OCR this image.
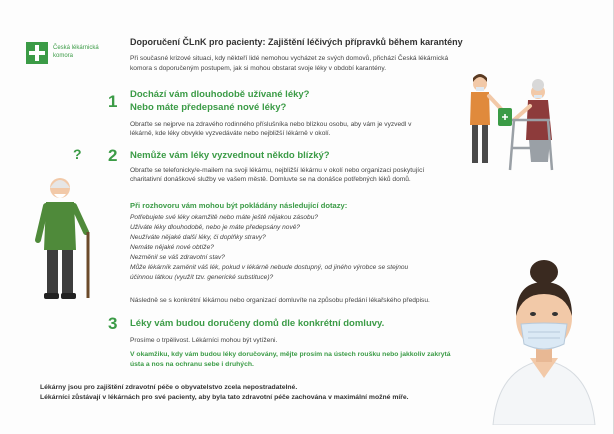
Česká lékárnická komora
Doporučení ČLnK pro pacienty: Zajištění léčivých přípravků během karantény
Při současné krizové situaci, kdy někteří lidé nemohou vycházet ze svých domovů, přichází Česká lékárnická komora s doporučeným postupem, jak si mohou obstarat svoje léky v období karantény.
1 Dochází vám dlouhodobě užívané léky?
Nebo máte předepsané nové léky?
Obraťte se nejprve na zdravého rodinného příslušníka nebo blízkou osobu, aby vám je vyzvedl v lékárně, kde léky obvykle vyzvedáváte nebo nejbližší lékárně v okolí.
? 2 Nemůže vám léky vyzvednout někdo blízký?
Obraťte se telefonicky/e-mailem na svoji lékárnu, nejbližší lékárnu v okolí nebo organizaci poskytující charitativní donáškové služby ve vašem městě. Domluvte se na donášce potřebných léků domů.
Při rozhovoru vám mohou být pokládány následující dotazy:
Potřebujete své léky okamžitě nebo máte ještě nějakou zásobu?
Užíváte léky dlouhodobě, nebo je máte předepsány nově?
Neužíváte nějaké další léky, či doplňky stravy?
Nemáte nějaké nové obtíže?
Nezměnil se váš zdravotní stav?
Může lékárník zaměnit váš lék, pokud v lékárně nebude dostupný, od jiného výrobce se stejnou
účinnou látkou (využít tzv. generické substituce)?
Následně se s konkrétní lékárnou nebo organizací domluvíte na způsobu předání lékařského předpisu.
3 Léky vám budou doručeny domů dle konkrétní domluvy.
Prosíme o trpělivost. Lékárníci mohou být vytíženi.
V okamžiku, kdy vám budou léky doručovány, mějte prosím na ústech roušku nebo jakkoliv zakrytá ústa a nos na ochranu sebe i druhých.
Lékárny jsou pro zajištění zdravotní péče o obyvatelstvo zcela nepostradatelné.
Lékárníci zůstávají v lékárnách pro své pacienty, aby byla tato zdravotní péče zachována v maximální možné míře.
